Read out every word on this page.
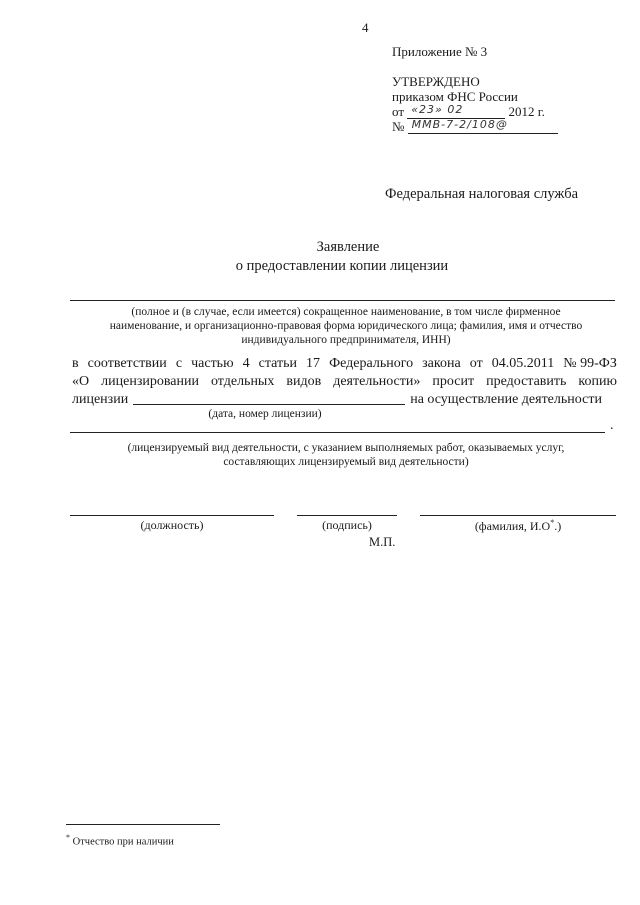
4
Приложение № 3
УТВЕРЖДЕНО
приказом ФНС России
от «23» 02	2012 г.
№ ММВ-7-2/108@
Федеральная налоговая служба
Заявление
о предоставлении копии лицензии
(полное и (в случае, если имеется) сокращенное наименование, в том числе фирменное
наименование, и организационно-правовая форма юридического лица; фамилия, имя и отчество
индивидуального предпринимателя, ИНН)
в соответствии с частью 4 статьи 17 Федерального закона от 04.05.2011 № 99-ФЗ
«О лицензировании отдельных видов деятельности» просит предоставить копию
лицензии	на осуществление деятельности
(дата, номер лицензии)
.
(лицензируемый вид деятельности, с указанием выполняемых работ, оказываемых услуг,
составляющих лицензируемый вид деятельности)
(должность)	(подпись)	(фамилия, И.О*.)
М.П.
* Отчество при наличии
